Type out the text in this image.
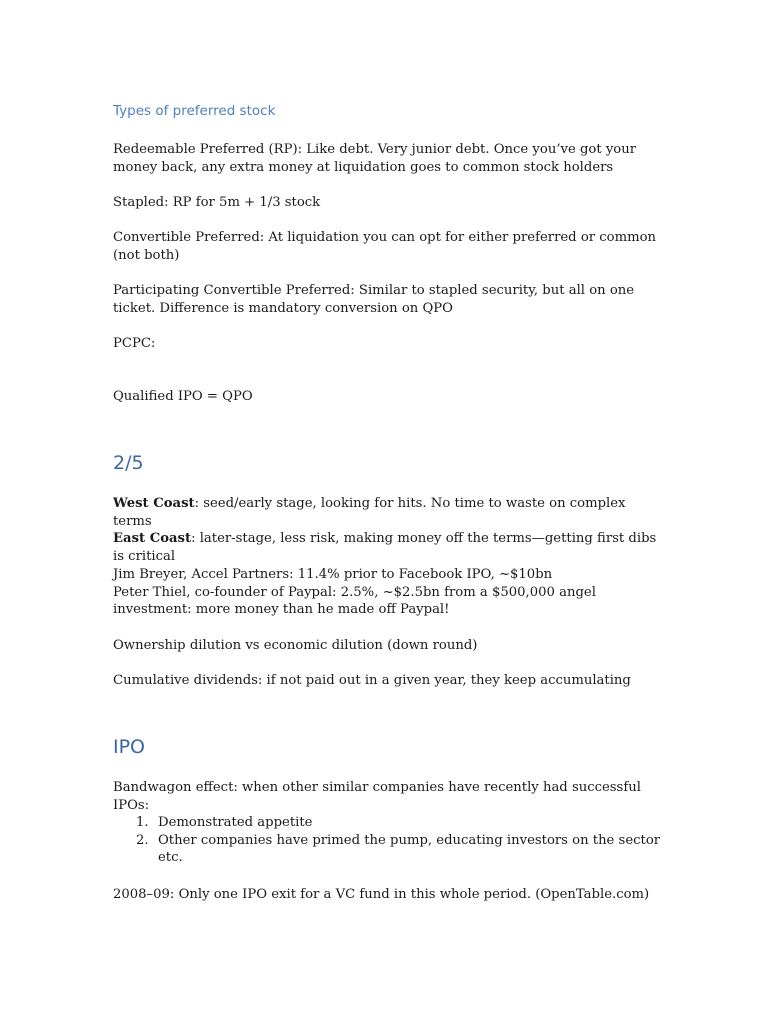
Types of preferred stock

Redeemable Preferred (RP): Like debt. Very junior debt. Once you’ve got your money back, any extra money at liquidation goes to common stock holders

Stapled: RP for 5m + 1/3 stock

Convertible Preferred: At liquidation you can opt for either preferred or common (not both)

Participating Convertible Preferred: Similar to stapled security, but all on one ticket. Difference is mandatory conversion on QPO

PCPC:

Qualified IPO = QPO

2/5

West Coast: seed/early stage, looking for hits. No time to waste on complex terms
East Coast: later-stage, less risk, making money off the terms—getting first dibs is critical

Jim Breyer, Accel Partners: 11.4% prior to Facebook IPO, ~$10bn
Peter Thiel, co-founder of Paypal: 2.5%, ~$2.5bn from a $500,000 angel investment: more money than he made off Paypal!

Ownership dilution vs economic dilution (down round)

Cumulative dividends: if not paid out in a given year, they keep accumulating

IPO

Bandwagon effect: when other similar companies have recently had successful IPOs:

1. Demonstrated appetite
2. Other companies have primed the pump, educating investors on the sector etc.

2008–09: Only one IPO exit for a VC fund in this whole period. (OpenTable.com)
